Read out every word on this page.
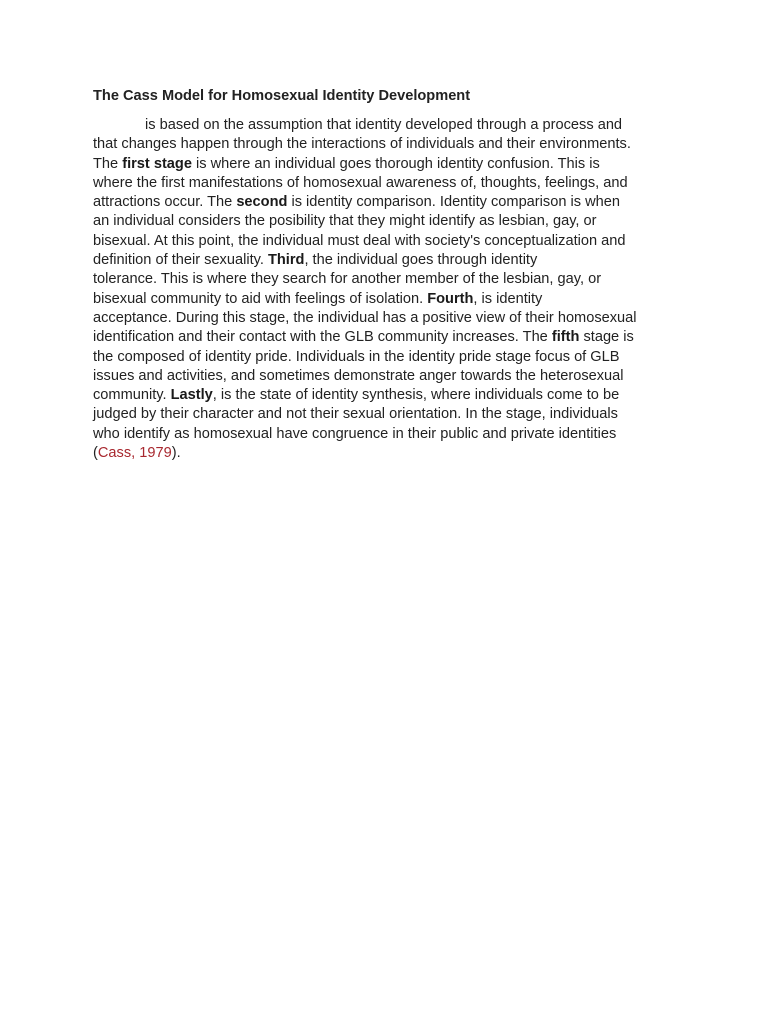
The Cass Model for Homosexual Identity Development

is based on the assumption that identity developed through a process and
that changes happen through the interactions of individuals and their environments.
The first stage is where an individual goes thorough identity confusion. This is
where the first manifestations of homosexual awareness of, thoughts, feelings, and
attractions occur. The second is identity comparison. Identity comparison is when
an individual considers the posibility that they might identify as lesbian, gay, or
bisexual. At this point, the individual must deal with society's conceptualization and
definition of their sexuality. Third, the individual goes through identity
tolerance. This is where they search for another member of the lesbian, gay, or
bisexual community to aid with feelings of isolation. Fourth, is identity
acceptance. During this stage, the individual has a positive view of their homosexual
identification and their contact with the GLB community increases. The fifth stage is
the composed of identity pride. Individuals in the identity pride stage focus of GLB
issues and activities, and sometimes demonstrate anger towards the heterosexual
community. Lastly, is the state of identity synthesis, where individuals come to be
judged by their character and not their sexual orientation. In the stage, individuals
who identify as homosexual have congruence in their public and private identities
(Cass, 1979).
